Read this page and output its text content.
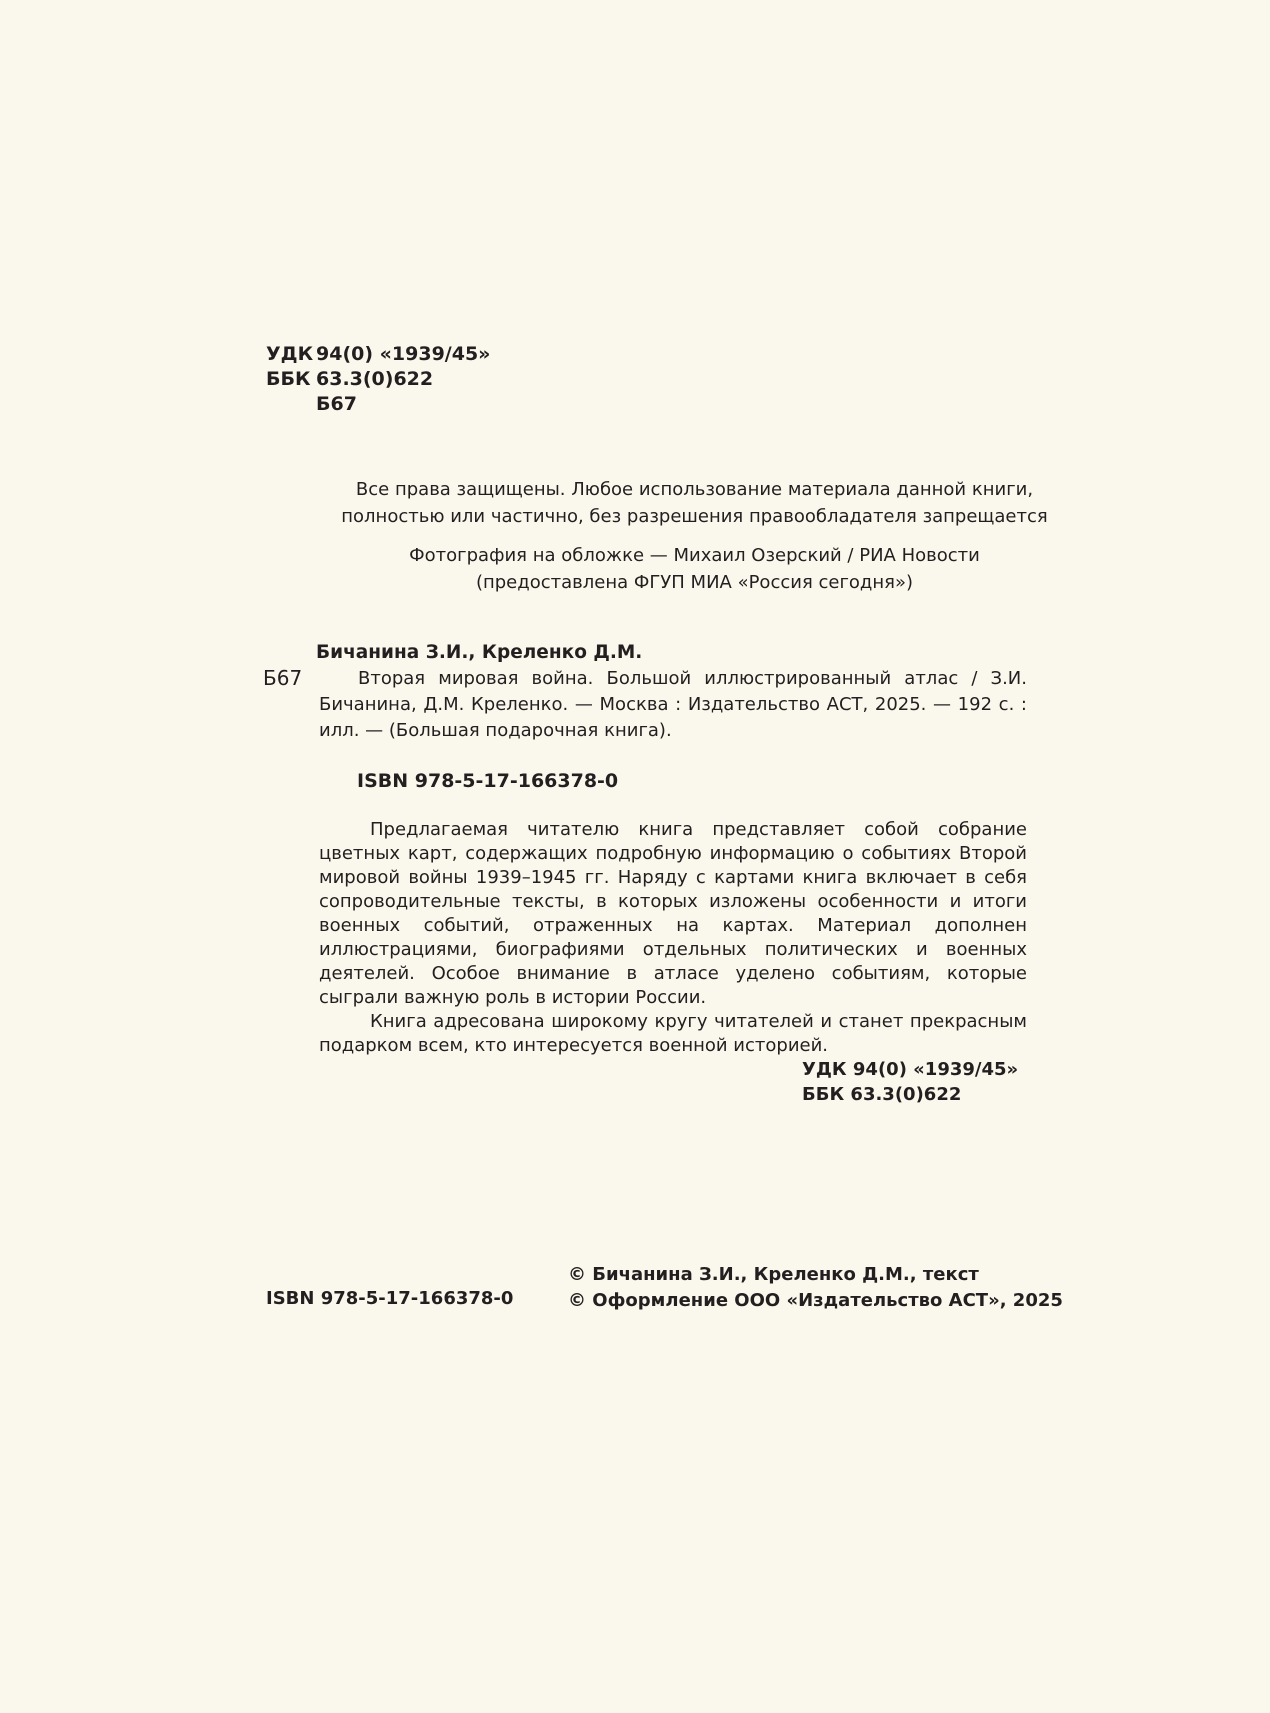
УДК 94(0) «1939/45»
ББК 63.3(0)622
Б67
Все права защищены. Любое использование материала данной книги,
полностью или частично, без разрешения правообладателя запрещается
Фотография на обложке — Михаил Озерский / РИА Новости
(предоставлена ФГУП МИА «Россия сегодня»)
Бичанина З.И., Креленко Д.М.
Б67	Вторая мировая война. Большой иллюстрированный атлас / З.И. Бичанина, Д.М. Креленко. — Москва : Издательство АСТ, 2025. — 192 с. : илл. — (Большая подарочная книга).
ISBN 978-5-17-166378-0

Предлагаемая читателю книга представляет собой собрание цветных карт, содержащих подробную информацию о событиях Второй мировой войны 1939–1945 гг. Наряду с картами книга включает в себя сопроводительные тексты, в которых изложены особенности и итоги военных событий, отраженных на картах. Материал дополнен иллюстрациями, биографиями отдельных политических и военных деятелей. Особое внимание в атласе уделено событиям, которые сыграли важную роль в истории России.

Книга адресована широкому кругу читателей и станет прекрасным подарком всем, кто интересуется военной историей.

УДК 94(0) «1939/45»
ББК 63.3(0)622
ISBN 978-5-17-166378-0
© Бичанина З.И., Креленко Д.М., текст
© Оформление ООО «Издательство АСТ», 2025
